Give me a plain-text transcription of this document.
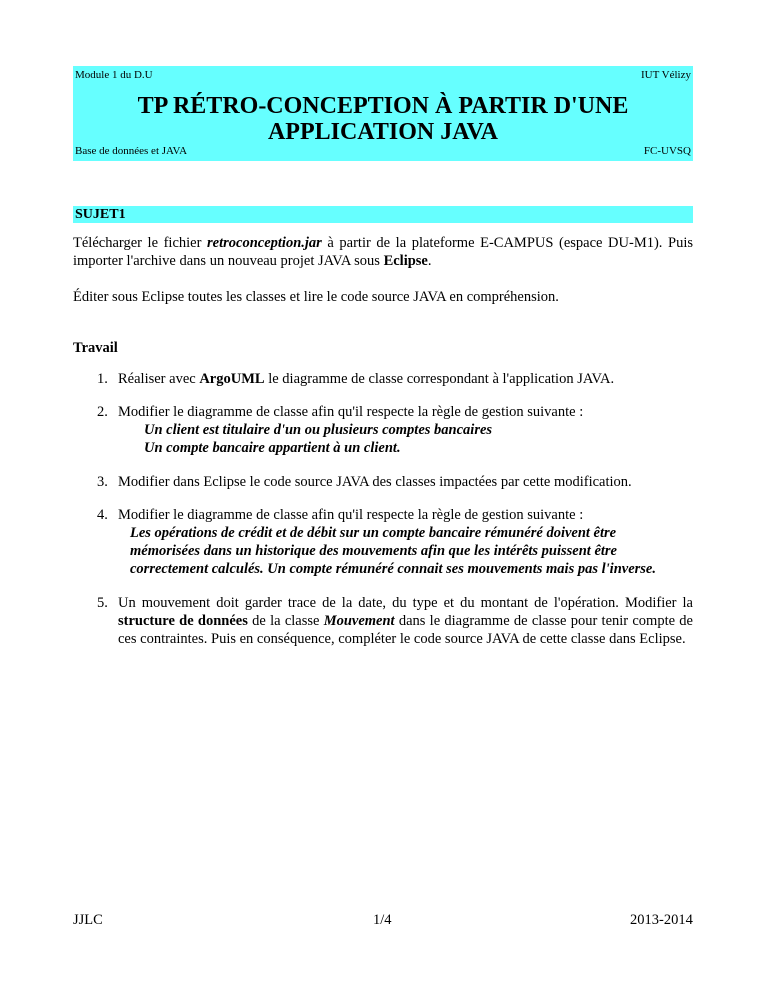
Module 1 du D.U	IUT Vélizy
TP RÉTRO-CONCEPTION À PARTIR D'UNE
APPLICATION JAVA
Base de données et JAVA	FC-UVSQ
SUJET1
Télécharger le fichier retroconception.jar à partir de la plateforme E-CAMPUS (espace DU-M1). Puis importer l'archive dans un nouveau projet JAVA sous Eclipse.
Éditer sous Eclipse toutes les classes et lire le code source JAVA en compréhension.
Travail
1. Réaliser avec ArgoUML le diagramme de classe correspondant à l'application JAVA.
2. Modifier le diagramme de classe afin qu'il respecte la règle de gestion suivante :
Un client est titulaire d'un ou plusieurs comptes bancaires
Un compte bancaire appartient à un client.
3. Modifier dans Eclipse le code source JAVA des classes impactées par cette modification.
4. Modifier le diagramme de classe afin qu'il respecte la règle de gestion suivante :
Les opérations de crédit et de débit sur un compte bancaire rémunéré doivent être
mémorisées dans un historique des mouvements afin que les intérêts puissent être
correctement calculés. Un compte rémunéré connait ses mouvements mais pas l'inverse.
5. Un mouvement doit garder trace de la date, du type et du montant de l'opération. Modifier la structure de données de la classe Mouvement dans le diagramme de classe pour tenir compte de ces contraintes. Puis en conséquence, compléter le code source JAVA de cette classe dans Eclipse.
JJLC	1/4	2013-2014
